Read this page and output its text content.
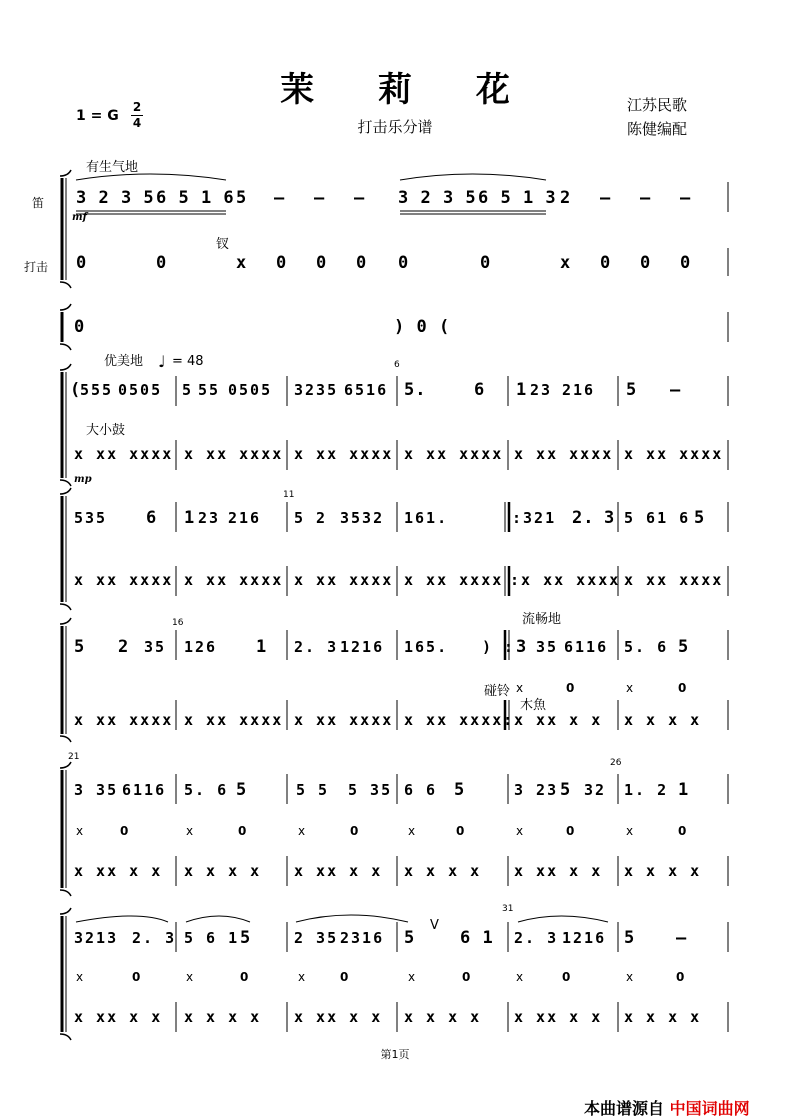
茉 莉 花
打击乐分谱
江苏民歌
陈健编配
1 = G
2
4
有生气地
笛
打击
mf
钗
3 2 3 5 6 5 1 6 5 – – – 3 2 3 5 6 5 1 3 2 – – –
0	0	x 0 0 0 0	0	x 0 0 0
0	) 0 (
优美地 ♩ = 48	6
(
555 0505 5 55 0505 3235 6516 5.	6 1 23 216 5 –
大小鼓
x xx xxxx x xx xxxx x xx xxxx x xx xxxx x xx xxxx x xx xxxx
mp
11
535 6 1 23 216 5 2 3532 161.	:321 2. 3 5 61 6 5
x xx xxxx x xx xxxx x xx xxxx x xx xxxx :x xx xxxx x xx xxxx
16	流畅地
5 2 35 126 1 2. 3 1216 165. ) : 3 35 6116 5. 6 5
碰铃 x	0	x	0
木魚
x xx xxxx x xx xxxx x xx xxxx x xx xxxx: x xx x x x x x x
21
26
3 35 6116 5. 6 5	5 5 5 35 6 6 5	3 23 5 32 1. 2 1
x	0	x	0	x	0	x	0	x	0	x	0
x xx x x x x x x x xx x x x x x x x xx x x x x x x
31
3213 2. 3 5 6 1 5	2 35 2316 5
V
6 1 2. 3 1216 5 –
x	0	x	0	x	0	x	0	x	0	x	0
x xx x x x x x x x xx x x x x x x x xx x x x x x x
第1页
本曲谱源自 中国词曲网
